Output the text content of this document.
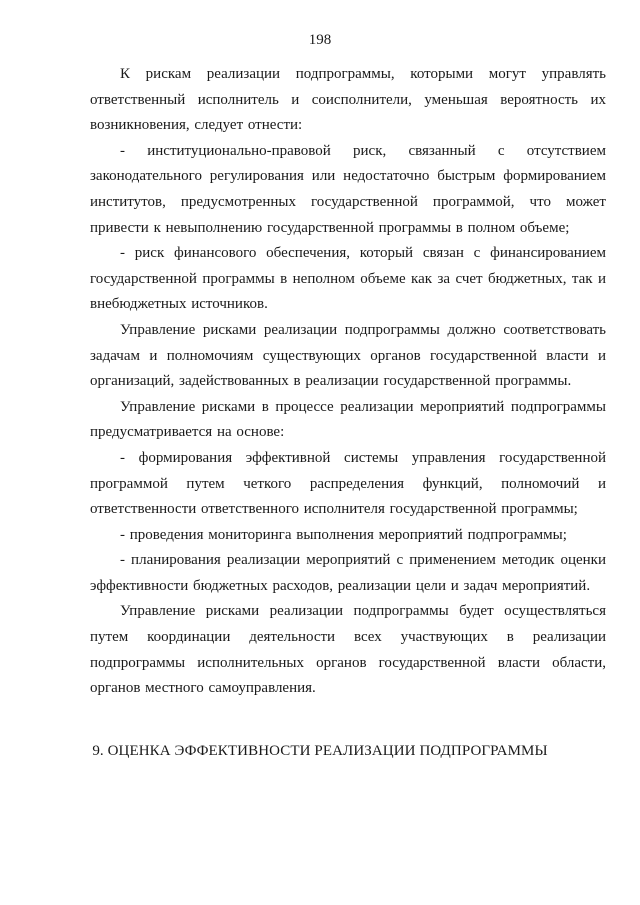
198

К рискам реализации подпрограммы, которыми могут управлять ответственный исполнитель и соисполнители, уменьшая вероятность их возникновения, следует отнести:

- институционально-правовой риск, связанный с отсутствием законодательного регулирования или недостаточно быстрым формированием институтов, предусмотренных государственной программой, что может привести к невыполнению государственной программы в полном объеме;

- риск финансового обеспечения, который связан с финансированием государственной программы в неполном объеме как за счет бюджетных, так и внебюджетных источников.

Управление рисками реализации подпрограммы должно соответствовать задачам и полномочиям существующих органов государственной власти и организаций, задействованных в реализации государственной программы.

Управление рисками в процессе реализации мероприятий подпрограммы предусматривается на основе:

- формирования эффективной системы управления государственной программой путем четкого распределения функций, полномочий и ответственности ответственного исполнителя государственной программы;

- проведения мониторинга выполнения мероприятий подпрограммы;

- планирования реализации мероприятий с применением методик оценки эффективности бюджетных расходов, реализации цели и задач мероприятий.

Управление рисками реализации подпрограммы будет осуществляться путем координации деятельности всех участвующих в реализации подпрограммы исполнительных органов государственной власти области, органов местного самоуправления.

9. ОЦЕНКА ЭФФЕКТИВНОСТИ РЕАЛИЗАЦИИ ПОДПРОГРАММЫ
